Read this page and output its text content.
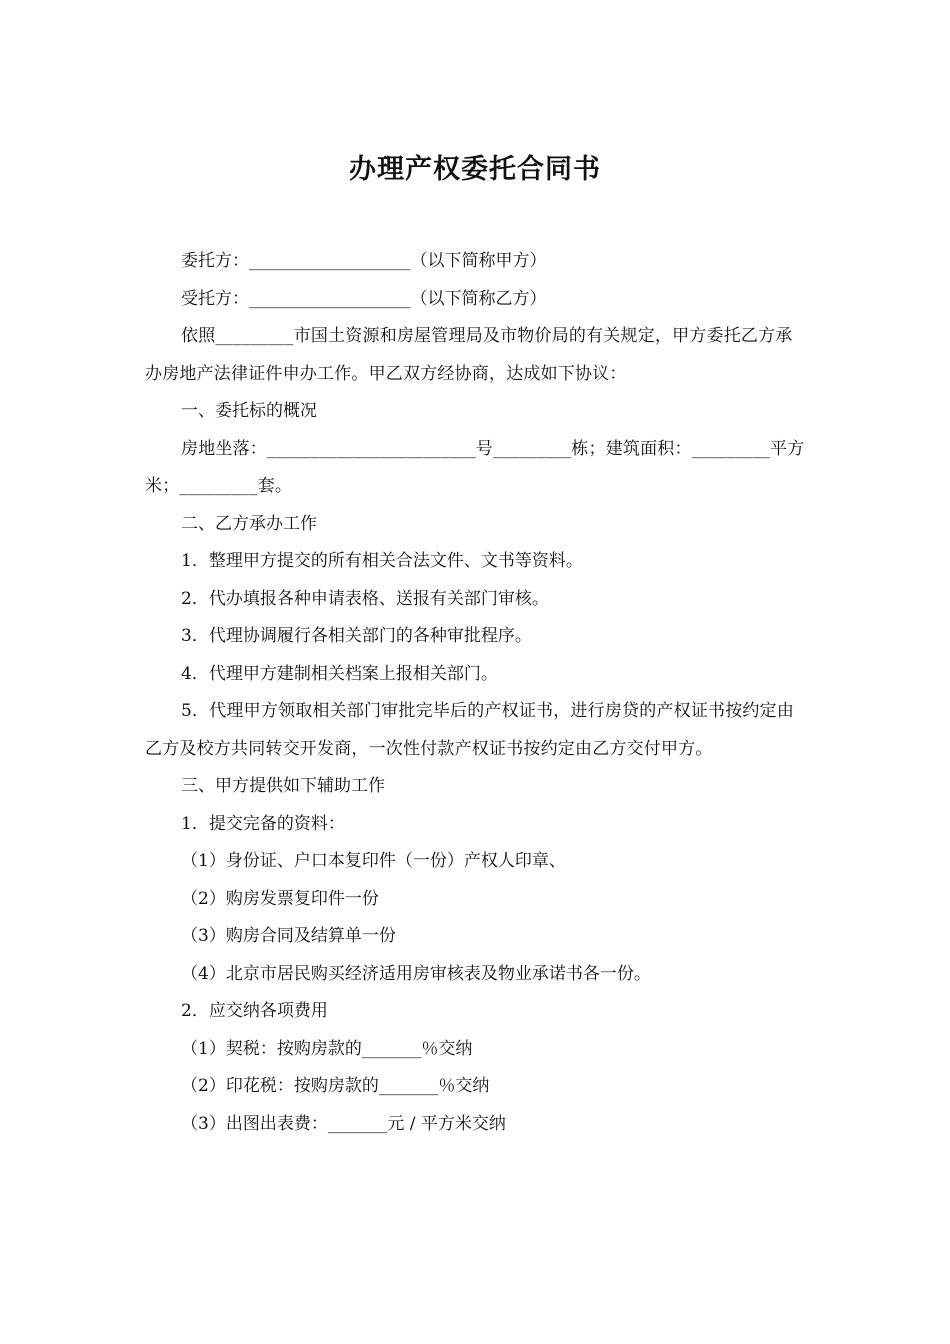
办理产权委托合同书

委托方：___________________（以下简称甲方）

受托方：___________________（以下简称乙方）

依照_________市国土资源和房屋管理局及市物价局的有关规定，甲方委托乙方承办房地产法律证件申办工作。甲乙双方经协商，达成如下协议：

一、委托标的概况

房地坐落：________________________号_________栋；建筑面积：_________平方米；_________套。

二、乙方承办工作

1．整理甲方提交的所有相关合法文件、文书等资料。

2．代办填报各种申请表格、送报有关部门审核。

3．代理协调履行各相关部门的各种审批程序。

4．代理甲方建制相关档案上报相关部门。

5．代理甲方领取相关部门审批完毕后的产权证书，进行房贷的产权证书按约定由乙方及校方共同转交开发商，一次性付款产权证书按约定由乙方交付甲方。

三、甲方提供如下辅助工作

1．提交完备的资料：

（1）身份证、户口本复印件（一份）产权人印章、

（2）购房发票复印件一份

（3）购房合同及结算单一份

（4）北京市居民购买经济适用房审核表及物业承诺书各一份。

2．应交纳各项费用

（1）契税：按购房款的_______％交纳

（2）印花税：按购房款的_______％交纳

（3）出图出表费：_______元 / 平方米交纳
